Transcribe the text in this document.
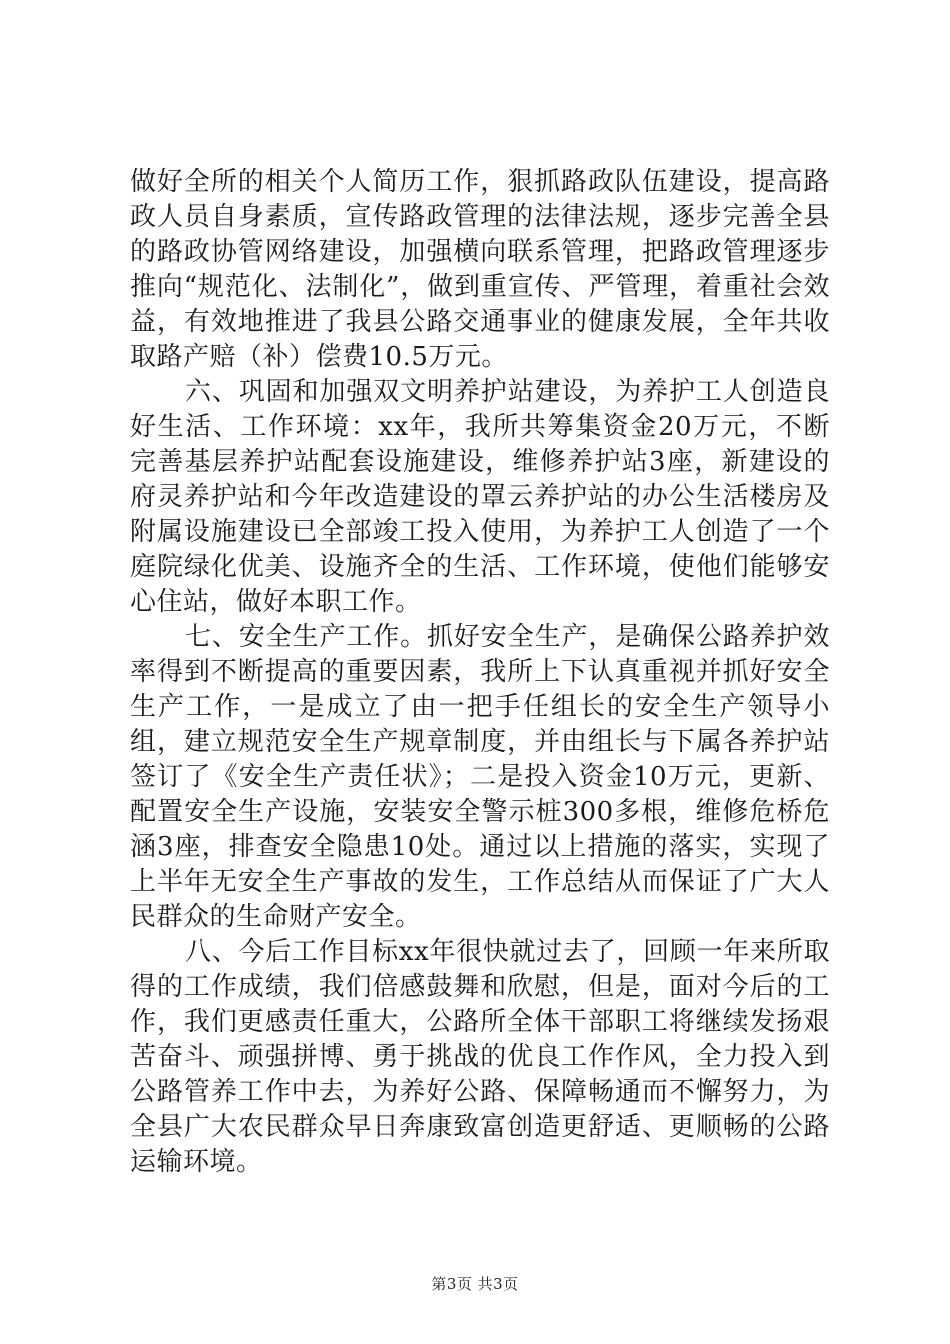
做好全所的相关个人简历工作，狠抓路政队伍建设，提高路政人员自身素质，宣传路政管理的法律法规，逐步完善全县的路政协管网络建设，加强横向联系管理，把路政管理逐步推向“规范化、法制化”，做到重宣传、严管理，着重社会效益，有效地推进了我县公路交通事业的健康发展，全年共收取路产赔（补）偿费10.5万元。

六、巩固和加强双文明养护站建设，为养护工人创造良好生活、工作环境：xx年，我所共筹集资金20万元，不断完善基层养护站配套设施建设，维修养护站3座，新建设的府灵养护站和今年改造建设的罩云养护站的办公生活楼房及附属设施建设已全部竣工投入使用，为养护工人创造了一个庭院绿化优美、设施齐全的生活、工作环境，使他们能够安心住站，做好本职工作。

七、安全生产工作。抓好安全生产，是确保公路养护效率得到不断提高的重要因素，我所上下认真重视并抓好安全生产工作，一是成立了由一把手任组长的安全生产领导小组，建立规范安全生产规章制度，并由组长与下属各养护站签订了《安全生产责任状》；二是投入资金10万元，更新、配置安全生产设施，安装安全警示桩300多根，维修危桥危涵3座，排查安全隐患10处。通过以上措施的落实，实现了上半年无安全生产事故的发生，工作总结从而保证了广大人民群众的生命财产安全。

八、今后工作目标xx年很快就过去了，回顾一年来所取得的工作成绩，我们倍感鼓舞和欣慰，但是，面对今后的工作，我们更感责任重大，公路所全体干部职工将继续发扬艰苦奋斗、顽强拼博、勇于挑战的优良工作作风，全力投入到公路管养工作中去，为养好公路、保障畅通而不懈努力，为全县广大农民群众早日奔康致富创造更舒适、更顺畅的公路运输环境。

第3页 共3页
